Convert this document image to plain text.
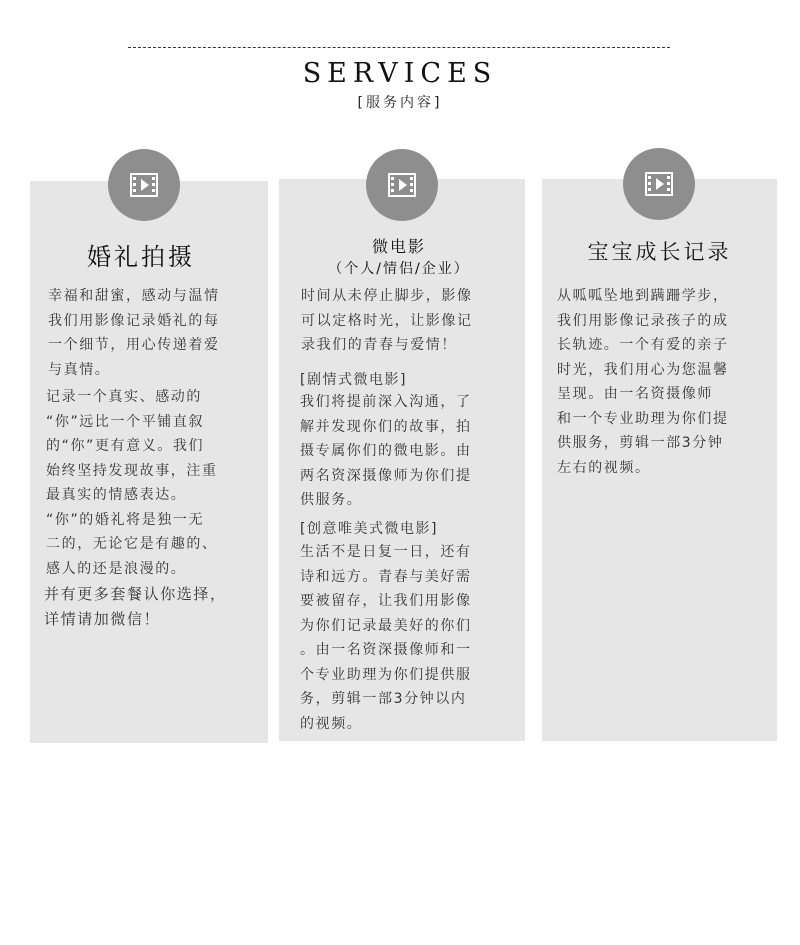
SERVICES
[服务内容]
婚礼拍摄	微电影
（个人/情侣/企业）
宝宝成长记录
幸福和甜蜜，感动与温情
我们用影像记录婚礼的每
一个细节，用心传递着爱
与真情。
记录一个真实、感动的
“你”远比一个平铺直叙
的“你”更有意义。我们
始终坚持发现故事，注重
最真实的情感表达。
“你”的婚礼将是独一无
二的，无论它是有趣的、
感人的还是浪漫的。
并有更多套餐认你选择，
详情请加微信！
时间从未停止脚步，影像
可以定格时光，让影像记
录我们的青春与爱情！
[剧情式微电影]
我们将提前深入沟通，了
解并发现你们的故事，拍
摄专属你们的微电影。由
两名资深摄像师为你们提
供服务。
[创意唯美式微电影]
生活不是日复一日，还有
诗和远方。青春与美好需
要被留存，让我们用影像
为你们记录最美好的你们
。由一名资深摄像师和一
个专业助理为你们提供服
务，剪辑一部3分钟以内
的视频。
从呱呱坠地到蹒跚学步，
我们用影像记录孩子的成
长轨迹。一个有爱的亲子
时光，我们用心为您温馨
呈现。由一名资摄像师
和一个专业助理为你们提
供服务，剪辑一部3分钟
左右的视频。
